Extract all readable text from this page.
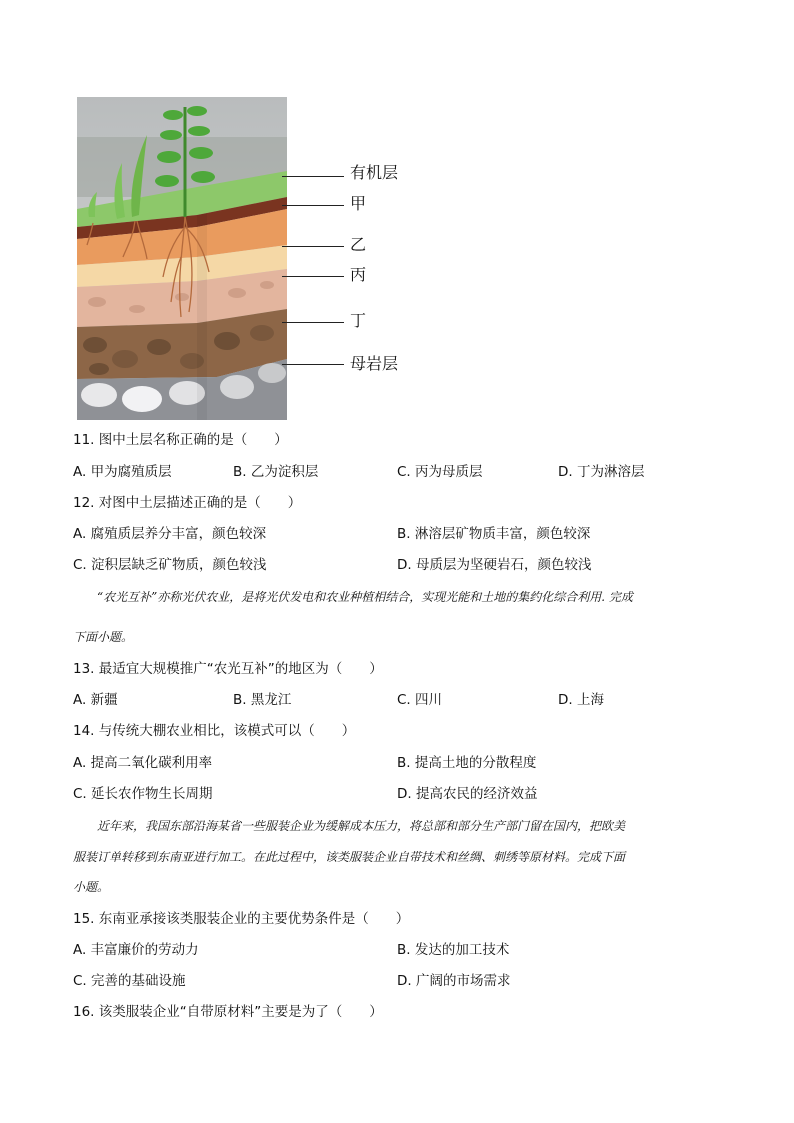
有机层
甲
乙
丙
丁
母岩层
11. 图中土层名称正确的是（　　）
A. 甲为腐殖质层	B. 乙为淀积层	C. 丙为母质层	D. 丁为淋溶层
12. 对图中土层描述正确的是（　　）
A. 腐殖质层养分丰富，颜色较深	B. 淋溶层矿物质丰富，颜色较深
C. 淀积层缺乏矿物质，颜色较浅	D. 母质层为坚硬岩石，颜色较浅
“农光互补”亦称光伏农业，是将光伏发电和农业种植相结合，实现光能和土地的集约化综合利用. 完成
下面小题。
13. 最适宜大规模推广“农光互补”的地区为（　　）
A. 新疆	B. 黑龙江	C. 四川	D. 上海
14. 与传统大棚农业相比，该模式可以（　　）
A. 提高二氧化碳利用率	B. 提高土地的分散程度
C. 延长农作物生长周期	D. 提高农民的经济效益
近年来，我国东部沿海某省一些服装企业为缓解成本压力，将总部和部分生产部门留在国内，把欧美
服装订单转移到东南亚进行加工。在此过程中，该类服装企业自带技术和丝绸、刺绣等原材料。完成下面
小题。
15. 东南亚承接该类服装企业的主要优势条件是（　　）
A. 丰富廉价的劳动力	B. 发达的加工技术
C. 完善的基础设施	D. 广阔的市场需求
16. 该类服装企业“自带原材料”主要是为了（　　）
